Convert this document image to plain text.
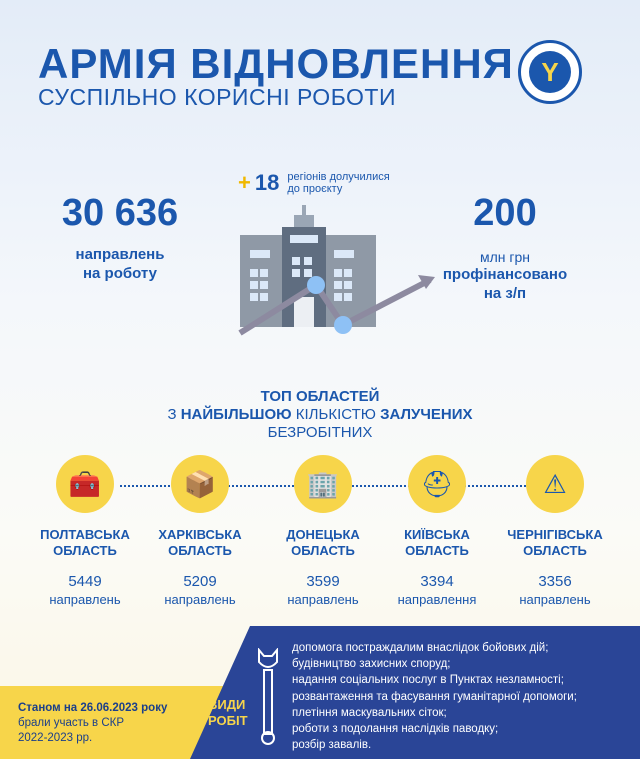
АРМІЯ ВІДНОВЛЕННЯ
СУСПІЛЬНО КОРИСНІ РОБОТИ
Y
30 636
направлень
на роботу
+ 18 регіонів долучилися
до проєкту
200
млн грн
профінансовано
на з/п
ТОП ОБЛАСТЕЙ
З НАЙБІЛЬШОЮ КІЛЬКІСТЮ ЗАЛУЧЕНИХ
БЕЗРОБІТНИХ
🧰
ПОЛТАВСЬКА
ОБЛАСТЬ
5449
направлень
📦
ХАРКІВСЬКА
ОБЛАСТЬ
5209
направлень
🏢
ДОНЕЦЬКА
ОБЛАСТЬ
3599
направлень
⛑
КИЇВСЬКА
ОБЛАСТЬ
3394
направлення
⚠
ЧЕРНІГІВСЬКА
ОБЛАСТЬ
3356
направлень
Станом на 26.06.2023 року
брали участь в СКР
2022-2023 рр.
ВИДИ
РОБІТ
допомога постраждалим внаслідок бойових дій;
будівництво захисних споруд;
надання соціальних послуг в Пунктах незламності;
розвантаження та фасування гуманітарної допомоги;
плетіння маскувальних сіток;
роботи з подолання наслідків паводку;
розбір завалів.
